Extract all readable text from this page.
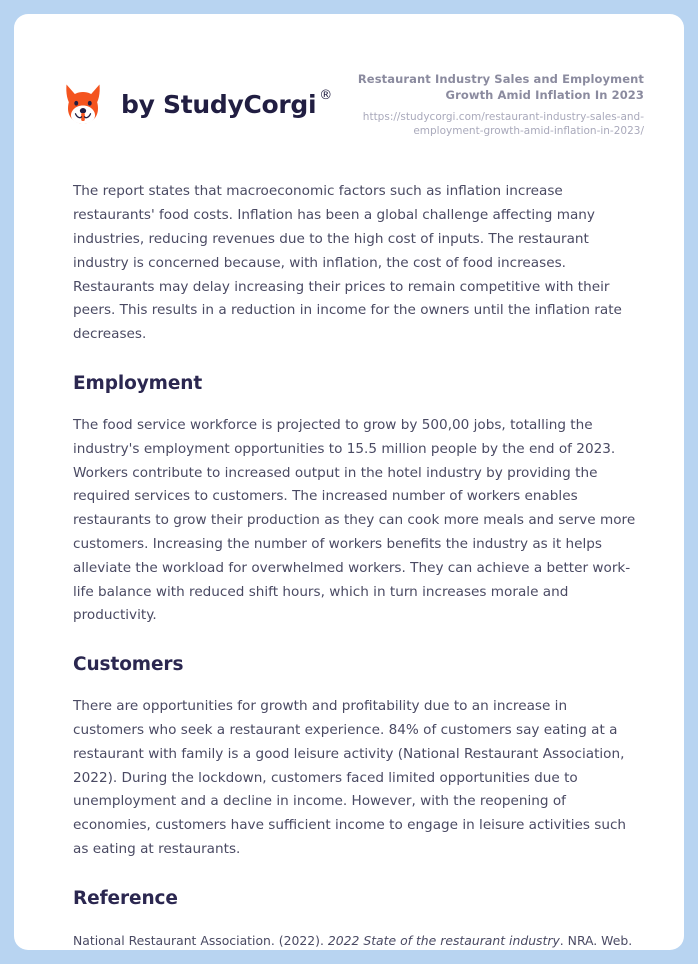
by StudyCorgi ®
Restaurant Industry Sales and Employment Growth Amid Inflation In 2023
https://studycorgi.com/restaurant-industry-sales-and-employment-growth-amid-inflation-in-2023/

The report states that macroeconomic factors such as inflation increase restaurants' food costs. Inflation has been a global challenge affecting many industries, reducing revenues due to the high cost of inputs. The restaurant industry is concerned because, with inflation, the cost of food increases. Restaurants may delay increasing their prices to remain competitive with their peers. This results in a reduction in income for the owners until the inflation rate decreases.

Employment

The food service workforce is projected to grow by 500,00 jobs, totalling the industry's employment opportunities to 15.5 million people by the end of 2023. Workers contribute to increased output in the hotel industry by providing the required services to customers. The increased number of workers enables restaurants to grow their production as they can cook more meals and serve more customers. Increasing the number of workers benefits the industry as it helps alleviate the workload for overwhelmed workers. They can achieve a better work-life balance with reduced shift hours, which in turn increases morale and productivity.

Customers

There are opportunities for growth and profitability due to an increase in customers who seek a restaurant experience. 84% of customers say eating at a restaurant with family is a good leisure activity (National Restaurant Association, 2022). During the lockdown, customers faced limited opportunities due to unemployment and a decline in income. However, with the reopening of economies, customers have sufficient income to engage in leisure activities such as eating at restaurants.

Reference

National Restaurant Association. (2022). 2022 State of the restaurant industry. NRA. Web.
